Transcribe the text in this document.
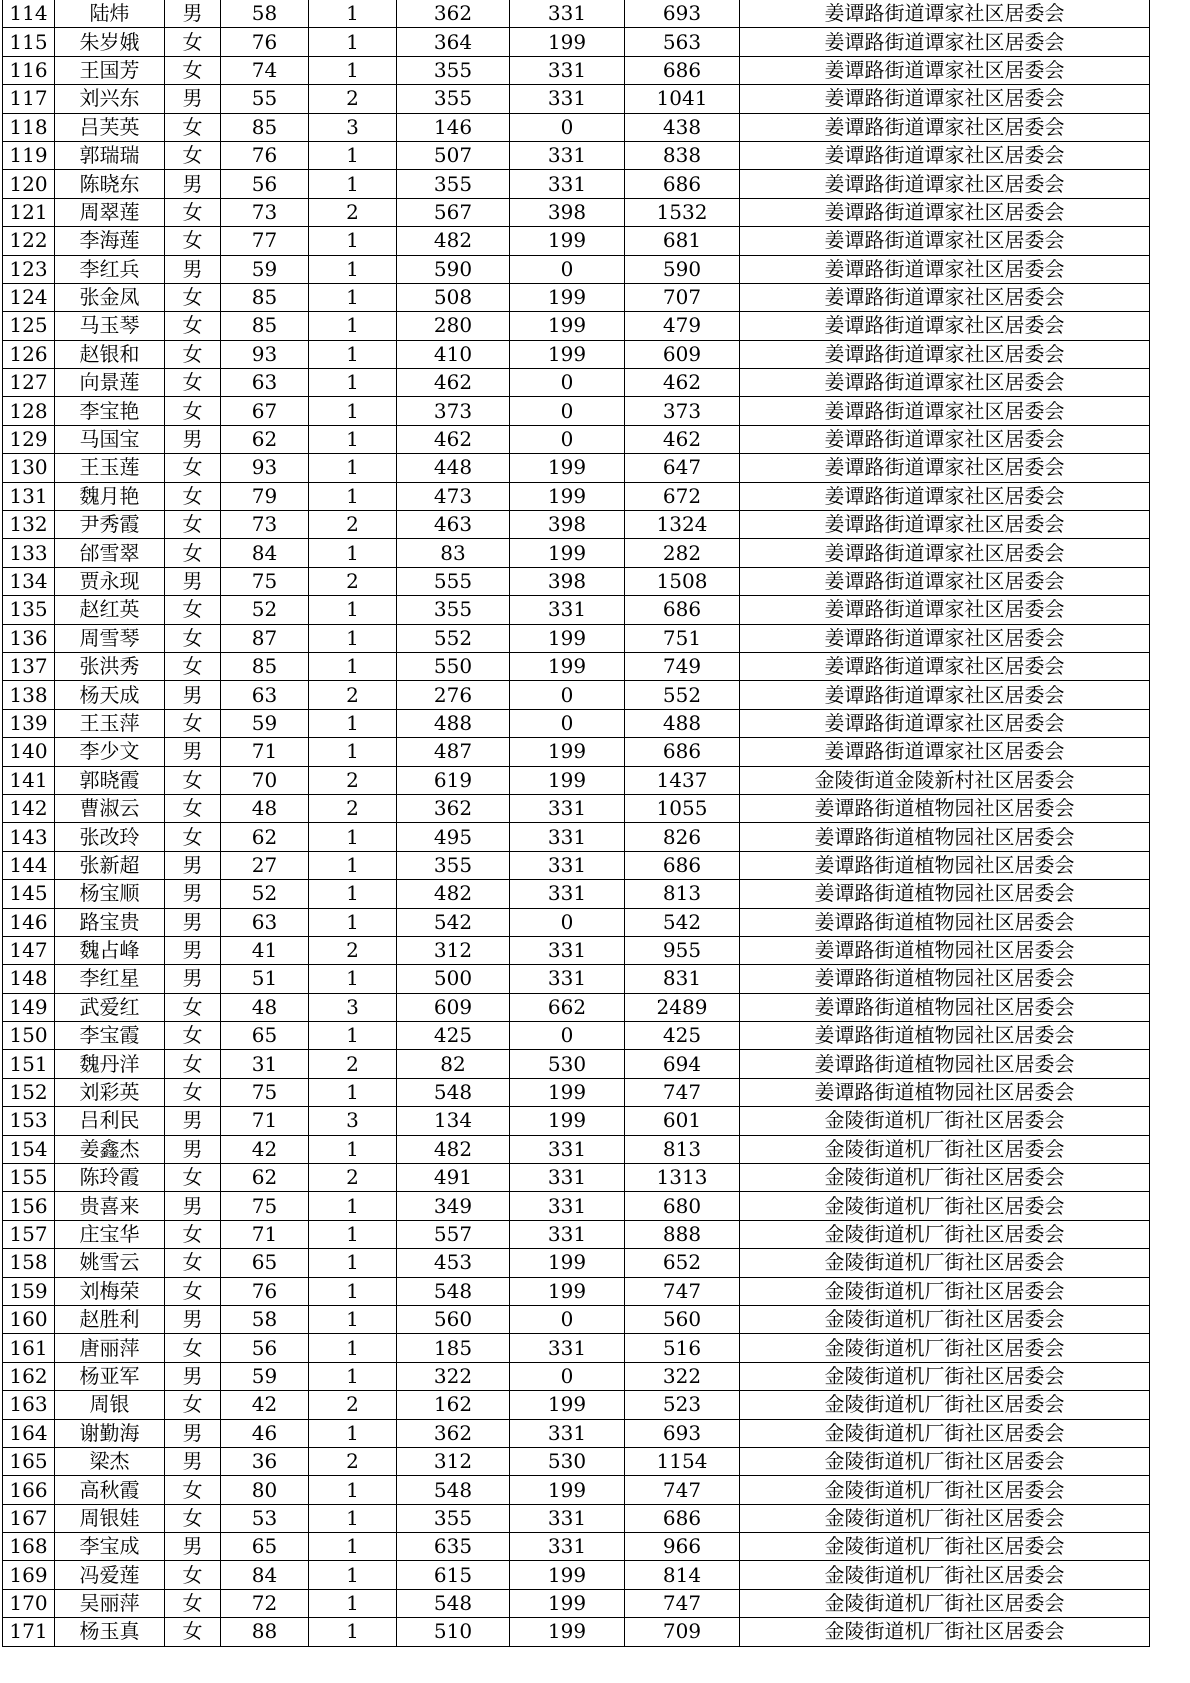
114	陆炜	男	58	1	362	331	693	姜谭路街道谭家社区居委会
115	朱岁娥	女	76	1	364	199	563	姜谭路街道谭家社区居委会
116	王国芳	女	74	1	355	331	686	姜谭路街道谭家社区居委会
117	刘兴东	男	55	2	355	331	1041	姜谭路街道谭家社区居委会
118	吕芙英	女	85	3	146	0	438	姜谭路街道谭家社区居委会
119	郭瑞瑞	女	76	1	507	331	838	姜谭路街道谭家社区居委会
120	陈晓东	男	56	1	355	331	686	姜谭路街道谭家社区居委会
121	周翠莲	女	73	2	567	398	1532	姜谭路街道谭家社区居委会
122	李海莲	女	77	1	482	199	681	姜谭路街道谭家社区居委会
123	李红兵	男	59	1	590	0	590	姜谭路街道谭家社区居委会
124	张金凤	女	85	1	508	199	707	姜谭路街道谭家社区居委会
125	马玉琴	女	85	1	280	199	479	姜谭路街道谭家社区居委会
126	赵银和	女	93	1	410	199	609	姜谭路街道谭家社区居委会
127	向景莲	女	63	1	462	0	462	姜谭路街道谭家社区居委会
128	李宝艳	女	67	1	373	0	373	姜谭路街道谭家社区居委会
129	马国宝	男	62	1	462	0	462	姜谭路街道谭家社区居委会
130	王玉莲	女	93	1	448	199	647	姜谭路街道谭家社区居委会
131	魏月艳	女	79	1	473	199	672	姜谭路街道谭家社区居委会
132	尹秀霞	女	73	2	463	398	1324	姜谭路街道谭家社区居委会
133	邰雪翠	女	84	1	83	199	282	姜谭路街道谭家社区居委会
134	贾永现	男	75	2	555	398	1508	姜谭路街道谭家社区居委会
135	赵红英	女	52	1	355	331	686	姜谭路街道谭家社区居委会
136	周雪琴	女	87	1	552	199	751	姜谭路街道谭家社区居委会
137	张洪秀	女	85	1	550	199	749	姜谭路街道谭家社区居委会
138	杨天成	男	63	2	276	0	552	姜谭路街道谭家社区居委会
139	王玉萍	女	59	1	488	0	488	姜谭路街道谭家社区居委会
140	李少文	男	71	1	487	199	686	姜谭路街道谭家社区居委会
141	郭晓霞	女	70	2	619	199	1437	金陵街道金陵新村社区居委会
142	曹淑云	女	48	2	362	331	1055	姜谭路街道植物园社区居委会
143	张改玲	女	62	1	495	331	826	姜谭路街道植物园社区居委会
144	张新超	男	27	1	355	331	686	姜谭路街道植物园社区居委会
145	杨宝顺	男	52	1	482	331	813	姜谭路街道植物园社区居委会
146	路宝贵	男	63	1	542	0	542	姜谭路街道植物园社区居委会
147	魏占峰	男	41	2	312	331	955	姜谭路街道植物园社区居委会
148	李红星	男	51	1	500	331	831	姜谭路街道植物园社区居委会
149	武爱红	女	48	3	609	662	2489	姜谭路街道植物园社区居委会
150	李宝霞	女	65	1	425	0	425	姜谭路街道植物园社区居委会
151	魏丹洋	女	31	2	82	530	694	姜谭路街道植物园社区居委会
152	刘彩英	女	75	1	548	199	747	姜谭路街道植物园社区居委会
153	吕利民	男	71	3	134	199	601	金陵街道机厂街社区居委会
154	姜鑫杰	男	42	1	482	331	813	金陵街道机厂街社区居委会
155	陈玲霞	女	62	2	491	331	1313	金陵街道机厂街社区居委会
156	贵喜来	男	75	1	349	331	680	金陵街道机厂街社区居委会
157	庄宝华	女	71	1	557	331	888	金陵街道机厂街社区居委会
158	姚雪云	女	65	1	453	199	652	金陵街道机厂街社区居委会
159	刘梅荣	女	76	1	548	199	747	金陵街道机厂街社区居委会
160	赵胜利	男	58	1	560	0	560	金陵街道机厂街社区居委会
161	唐丽萍	女	56	1	185	331	516	金陵街道机厂街社区居委会
162	杨亚军	男	59	1	322	0	322	金陵街道机厂街社区居委会
163	周银	女	42	2	162	199	523	金陵街道机厂街社区居委会
164	谢勤海	男	46	1	362	331	693	金陵街道机厂街社区居委会
165	梁杰	男	36	2	312	530	1154	金陵街道机厂街社区居委会
166	高秋霞	女	80	1	548	199	747	金陵街道机厂街社区居委会
167	周银娃	女	53	1	355	331	686	金陵街道机厂街社区居委会
168	李宝成	男	65	1	635	331	966	金陵街道机厂街社区居委会
169	冯爱莲	女	84	1	615	199	814	金陵街道机厂街社区居委会
170	吴丽萍	女	72	1	548	199	747	金陵街道机厂街社区居委会
171	杨玉真	女	88	1	510	199	709	金陵街道机厂街社区居委会
